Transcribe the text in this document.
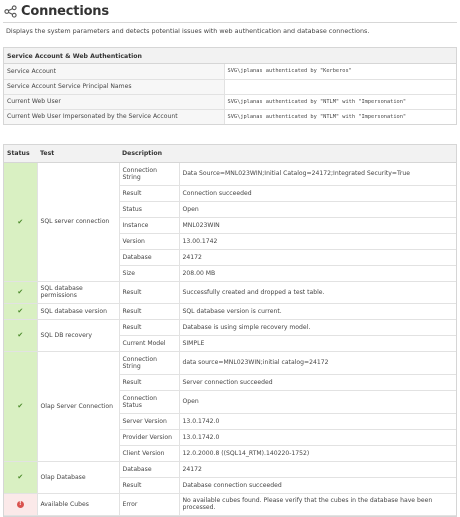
Connections
Displays the system parameters and detects potential issues with web authentication and database connections.
Service Account & Web Authentication
Service Account	SVG\jplanas authenticated by "Kerberos"
Service Account Service Principal Names	
Current Web User	SVG\jplanas authenticated by "NTLM" with "Impersonation"
Current Web User Impersonated by the Service Account	SVG\jplanas authenticated by "NTLM" with "Impersonation"
Status	Test	Description	
✔	SQL server connection	Connection String	Data Source=MNL023WIN;Initial Catalog=24172;Integrated Security=True
		Result	Connection succeeded
		Status	Open
		Instance	MNL023WIN
		Version	13.00.1742
		Database	24172
		Size	208.00 MB
✔	SQL database permissions	Result	Successfully created and dropped a test table.
✔	SQL database version	Result	SQL database version is current.
✔	SQL DB recovery	Result	Database is using simple recovery model.
		Current Model	SIMPLE
✔	Olap Server Connection	Connection String	data source=MNL023WIN;initial catalog=24172
		Result	Server connection succeeded
		Connection Status	Open
		Server Version	13.0.1742.0
		Provider Version	13.0.1742.0
		Client Version	12.0.2000.8 ((SQL14_RTM).140220-1752)
✔	Olap Database	Database	24172
		Result	Database connection succeeded
!	Available Cubes	Error	No available cubes found. Please verify that the cubes in the database have been processed.
